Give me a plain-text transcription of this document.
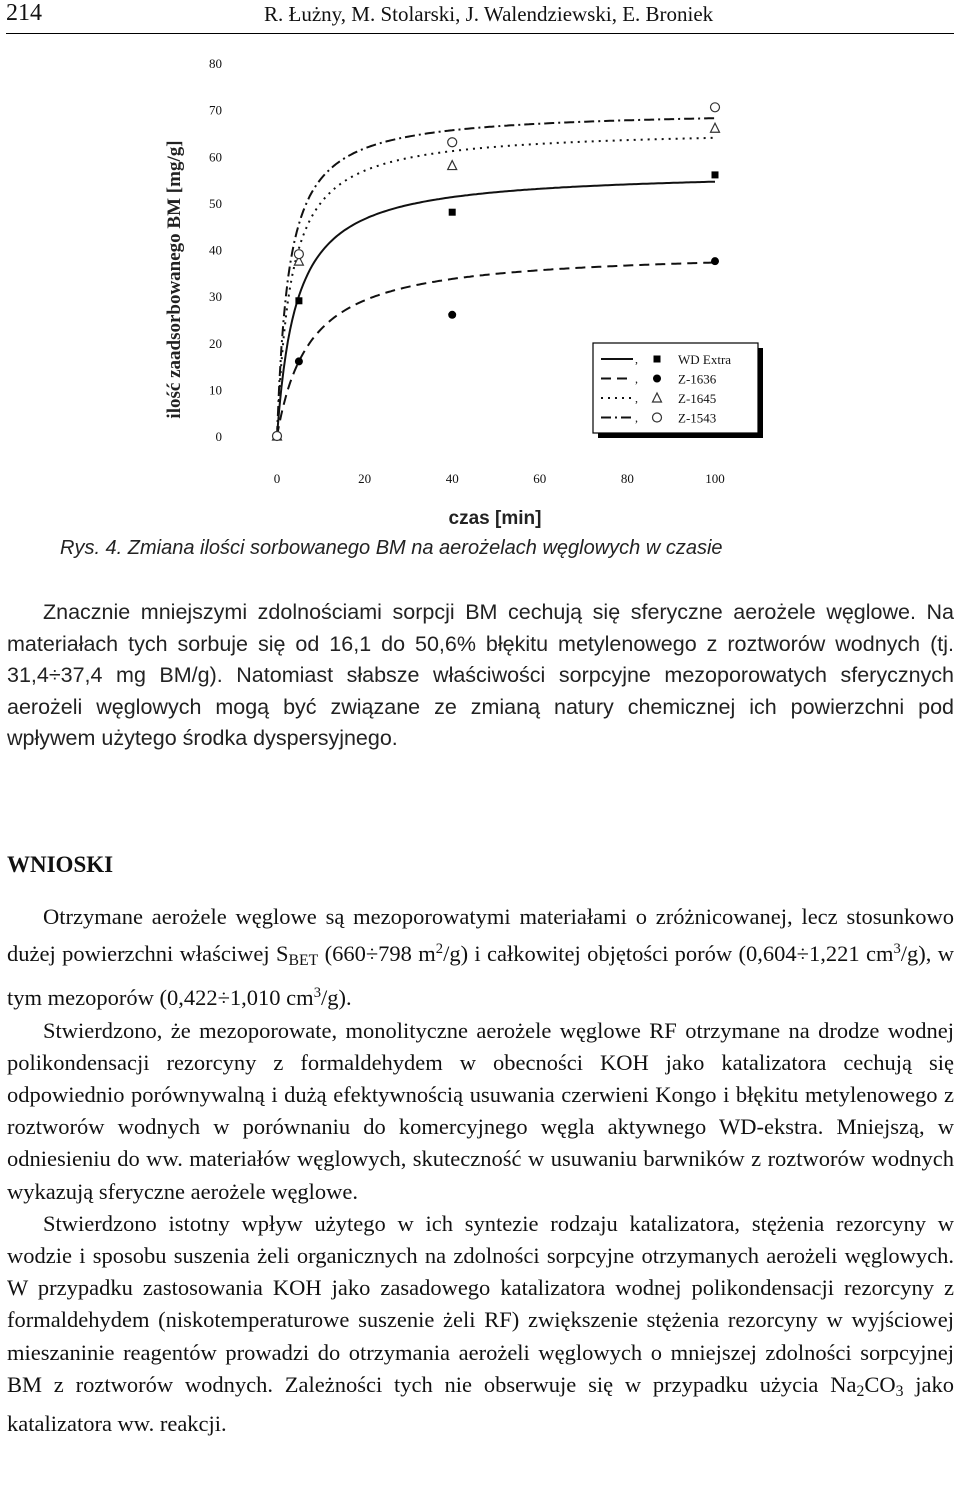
214	R. Łużny, M. Stolarski, J. Walendziewski, E. Broniek
0
10
20
30
40
50
60
70
80
0	20	40	60	80	100
ilość zaadsorbowanego BM [mg/g]
czas [min]
,	WD Extra
,	Z-1636
,	Z-1645
,	Z-1543
Rys. 4. Zmiana ilości sorbowanego BM na aerożelach węglowych w czasie

Znacznie mniejszymi zdolnościami sorpcji BM cechują się sferyczne aerożele węglowe. Na materiałach tych sorbuje się od 16,1 do 50,6% błękitu metylenowego z roztworów wodnych (tj. 31,4÷37,4 mg BM/g). Natomiast słabsze właściwości sorpcyjne mezoporowatych sferycznych aerożeli węglowych mogą być związane ze zmianą natury chemicznej ich powierzchni pod wpływem użytego środka dyspersyjnego.

WNIOSKI

Otrzymane aerożele węglowe są mezoporowatymi materiałami o zróżnicowanej, lecz stosunkowo dużej powierzchni właściwej $S_{BET}$ (660÷798 $m^2/g$) i całkowitej objętości porów (0,604÷1,221 $cm^3/g$), w tym mezoporów (0,422÷1,010 $cm^3/g$).

Stwierdzono, że mezoporowate, monolityczne aerożele węglowe RF otrzymane na drodze wodnej polikondensacji rezorcyny z formaldehydem w obecności KOH jako katalizatora cechują się odpowiednio porównywalną i dużą efektywnością usuwania czerwieni Kongo i błękitu metylenowego z roztworów wodnych w porównaniu do komercyjnego węgla aktywnego WD-ekstra. Mniejszą, w odniesieniu do ww. materiałów węglowych, skuteczność w usuwaniu barwników z roztworów wodnych wykazują sferyczne aerożele węglowe.

Stwierdzono istotny wpływ użytego w ich syntezie rodzaju katalizatora, stężenia rezorcyny w wodzie i sposobu suszenia żeli organicznych na zdolności sorpcyjne otrzymanych aerożeli węglowych. W przypadku zastosowania KOH jako zasadowego katalizatora wodnej polikondensacji rezorcyny z formaldehydem (niskotemperaturowe suszenie żeli RF) zwiększenie stężenia rezorcyny w wyjściowej mieszaninie reagentów prowadzi do otrzymania aerożeli węglowych o mniejszej zdolności sorpcyjnej BM z roztworów wodnych. Zależności tych nie obserwuje się w przypadku użycia $Na_2CO_3$ jako katalizatora ww. reakcji.
